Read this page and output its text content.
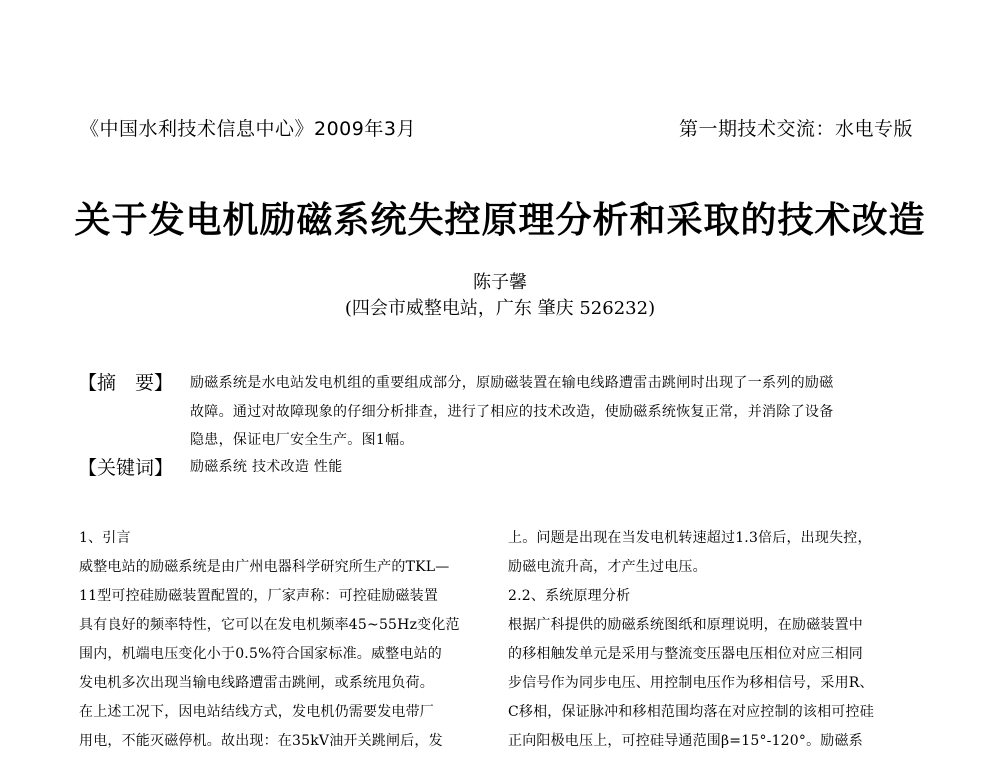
《中国水利技术信息中心》2009年3月	第一期技术交流：水电专版
关于发电机励磁系统失控原理分析和采取的技术改造
陈子馨
(四会市威整电站，广东 肇庆 526232)
【摘　要】 励磁系统是水电站发电机组的重要组成部分，原励磁装置在输电线路遭雷击跳闸时出现了一系列的励磁
故障。通过对故障现象的仔细分析排查，进行了相应的技术改造，使励磁系统恢复正常，并消除了设备
隐患，保证电厂安全生产。图1幅。
【关键词】 励磁系统 技术改造 性能
1、引言
威整电站的励磁系统是由广州电器科学研究所生产的TKL—
11型可控硅励磁装置配置的，厂家声称：可控硅励磁装置
具有良好的频率特性，它可以在发电机频率45~55Hz变化范
围内，机端电压变化小于0.5%符合国家标准。威整电站的
发电机多次出现当输电线路遭雷击跳闸，或系统甩负荷。
在上述工况下，因电站结线方式，发电机仍需要发电带厂
用电，不能灭磁停机。故出现：在35kV油开关跳闸后，发
上。问题是出现在当发电机转速超过1.3倍后，出现失控，
励磁电流升高，才产生过电压。
2.2、系统原理分析
根据广科提供的励磁系统图纸和原理说明，在励磁装置中
的移相触发单元是采用与整流变压器电压相位对应三相同
步信号作为同步电压、用控制电压作为移相信号，采用R、
C移相，保证脉冲和移相范围均落在对应控制的该相可控硅
正向阳极电压上，可控硅导通范围β=15°-120°。励磁系
